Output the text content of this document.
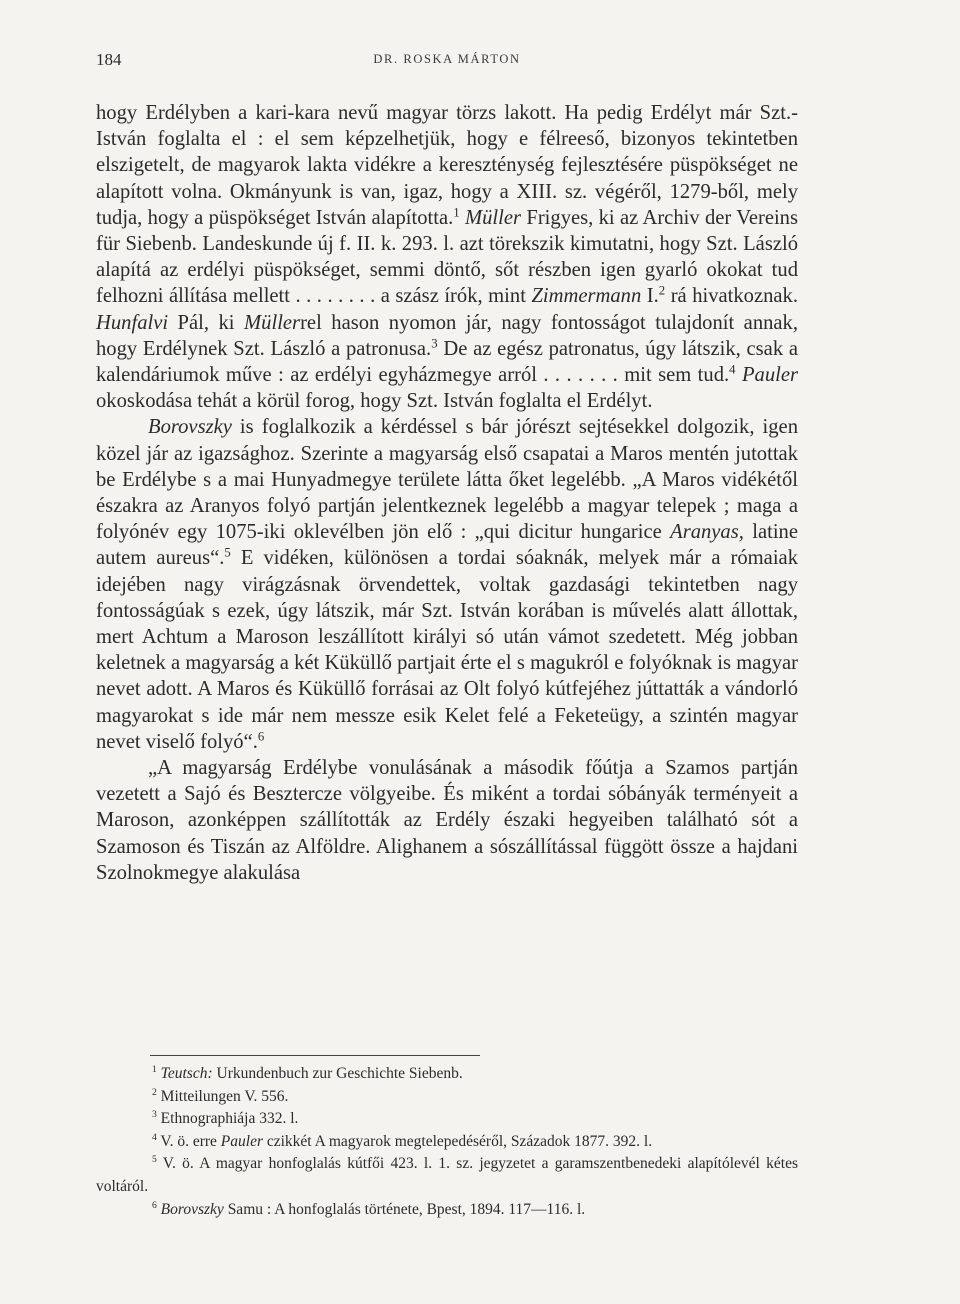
184	DR. ROSKA MÁRTON

hogy Erdélyben a kari-kara nevű magyar törzs lakott. Ha pedig Erdélyt már Szt.-István foglalta el : el sem képzelhetjük, hogy e félreeső, bizonyos tekintetben elszigetelt, de magyarok lakta vidékre a kereszténység fejlesztésére püspökséget ne alapított volna. Okmányunk is van, igaz, hogy a XIII. sz. végéről, 1279-ből, mely tudja, hogy a püspökséget István alapította.$^1$ Müller Frigyes, ki az Archiv der Vereins für Siebenb. Landeskunde új f. II. k. 293. l. azt törekszik kimutatni, hogy Szt. László alapítá az erdélyi püspökséget, semmi döntő, sőt részben igen gyarló okokat tud felhozni állítása mellett . . . . . . . . a szász írók, mint Zimmermann I.$^2$ rá hivatkoznak. Hunfalvi Pál, ki Müllerrel hason nyomon jár, nagy fontosságot tulajdonít annak, hogy Erdélynek Szt. László a patronusa.$^3$ De az egész patronatus, úgy látszik, csak a kalendáriumok műve : az erdélyi egyházmegye arról . . . . . . . mit sem tud.$^4$ Pauler okoskodása tehát a körül forog, hogy Szt. István foglalta el Erdélyt.

Borovszky is foglalkozik a kérdéssel s bár jórészt sejtésekkel dolgozik, igen közel jár az igazsághoz. Szerinte a magyarság első csapatai a Maros mentén jutottak be Erdélybe s a mai Hunyadmegye területe látta őket legelébb. „A Maros vidékétől északra az Aranyos folyó partján jelentkeznek legelébb a magyar telepek ; maga a folyónév egy 1075-iki oklevélben jön elő : „qui dicitur hungarice Aranyas, latine autem aureus“.$^5$ E vidéken, különösen a tordai sóaknák, melyek már a rómaiak idejében nagy virágzásnak örvendettek, voltak gazdasági tekintetben nagy fontosságúak s ezek, úgy látszik, már Szt. István korában is művelés alatt állottak, mert Achtum a Maroson leszállított királyi só után vámot szedetett. Még jobban keletnek a magyarság a két Küküllő partjait érte el s magukról e folyóknak is magyar nevet adott. A Maros és Küküllő forrásai az Olt folyó kútfejéhez júttatták a vándorló magyarokat s ide már nem messze esik Kelet felé a Feketeügy, a szintén magyar nevet viselő folyó“.$^6$

„A magyarság Erdélybe vonulásának a második főútja a Szamos partján vezetett a Sajó és Besztercze völgyeibe. És miként a tordai sóbányák terményeit a Maroson, azonképpen szállították az Erdély északi hegyeiben található sót a Szamoson és Tiszán az Alföldre. Alighanem a sószállítással függött össze a hajdani Szolnokmegye alakulása

$^1$ Teutsch: Urkundenbuch zur Geschichte Siebenb.

$^2$ Mitteilungen V. 556.

$^3$ Ethnographiája 332. l.

$^4$ V. ö. erre Pauler czikkét A magyarok megtelepedéséről, Századok 1877. 392. l.

$^5$ V. ö. A magyar honfoglalás kútfői 423. l. 1. sz. jegyzetet a garamszentbenedeki alapítólevél kétes voltáról.

$^6$ Borovszky Samu : A honfoglalás története, Bpest, 1894. 117—116. l.
